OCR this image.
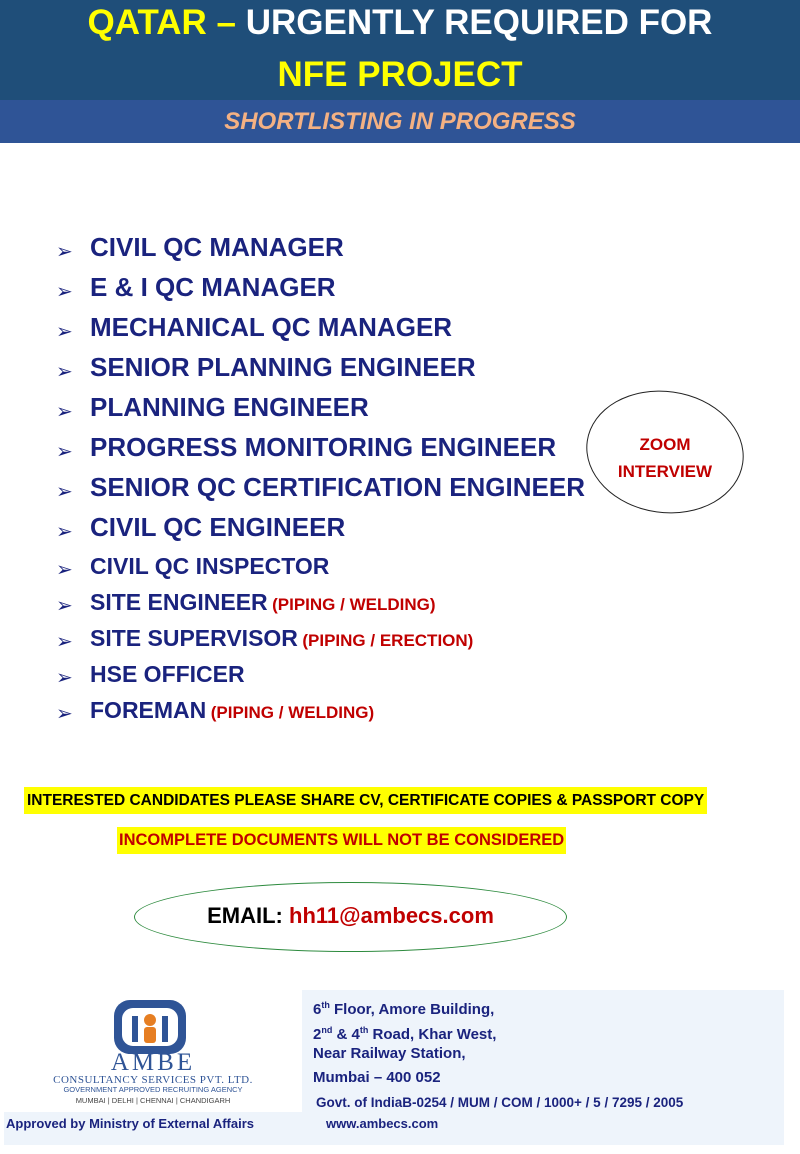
QATAR – URGENTLY REQUIRED FOR
NFE PROJECT
SHORTLISTING IN PROGRESS
➢ CIVIL QC MANAGER
➢ E & I QC MANAGER
➢ MECHANICAL QC MANAGER
➢ SENIOR PLANNING ENGINEER
➢ PLANNING ENGINEER
➢ PROGRESS MONITORING ENGINEER
➢ SENIOR QC CERTIFICATION ENGINEER
➢ CIVIL QC ENGINEER
➢ CIVIL QC INSPECTOR
➢ SITE ENGINEER (PIPING / WELDING)
➢ SITE SUPERVISOR (PIPING / ERECTION)
➢ HSE OFFICER
➢ FOREMAN (PIPING / WELDING)
ZOOM
INTERVIEW
INTERESTED CANDIDATES PLEASE SHARE CV, CERTIFICATE COPIES & PASSPORT COPY
INCOMPLETE DOCUMENTS WILL NOT BE CONSIDERED
EMAIL: hh11@ambecs.com
AMBE
CONSULTANCY SERVICES PVT. LTD.
GOVERNMENT APPROVED RECRUITING AGENCY
MUMBAI | DELHI | CHENNAI | CHANDIGARH
Approved by Ministry of External Affairs
6th Floor, Amore Building,
2nd & 4th Road, Khar West,
Near Railway Station,
Mumbai – 400 052
Govt. of IndiaB-0254 / MUM / COM / 1000+ / 5 / 7295 / 2005
www.ambecs.com
